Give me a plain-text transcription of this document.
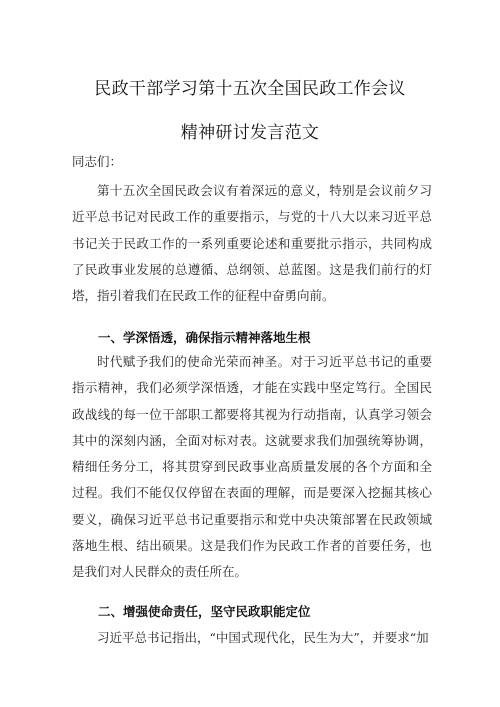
民政干部学习第十五次全国民政工作会议
精神研讨发言范文
同志们：
第十五次全国民政会议有着深远的意义，特别是会议前夕习近平总书记对民政工作的重要指示，与党的十八大以来习近平总书记关于民政工作的一系列重要论述和重要批示指示，共同构成了民政事业发展的总遵循、总纲领、总蓝图。这是我们前行的灯塔，指引着我们在民政工作的征程中奋勇向前。
一、学深悟透，确保指示精神落地生根
时代赋予我们的使命光荣而神圣。对于习近平总书记的重要指示精神，我们必须学深悟透，才能在实践中坚定笃行。全国民政战线的每一位干部职工都要将其视为行动指南，认真学习领会其中的深刻内涵，全面对标对表。这就要求我们加强统筹协调，精细任务分工，将其贯穿到民政事业高质量发展的各个方面和全过程。我们不能仅仅停留在表面的理解，而是要深入挖掘其核心要义，确保习近平总书记重要指示和党中央决策部署在民政领域落地生根、结出硕果。这是我们作为民政工作者的首要任务，也是我们对人民群众的责任所在。
二、增强使命责任，坚守民政职能定位
习近平总书记指出，“中国式现代化，民生为大”，并要求“加
